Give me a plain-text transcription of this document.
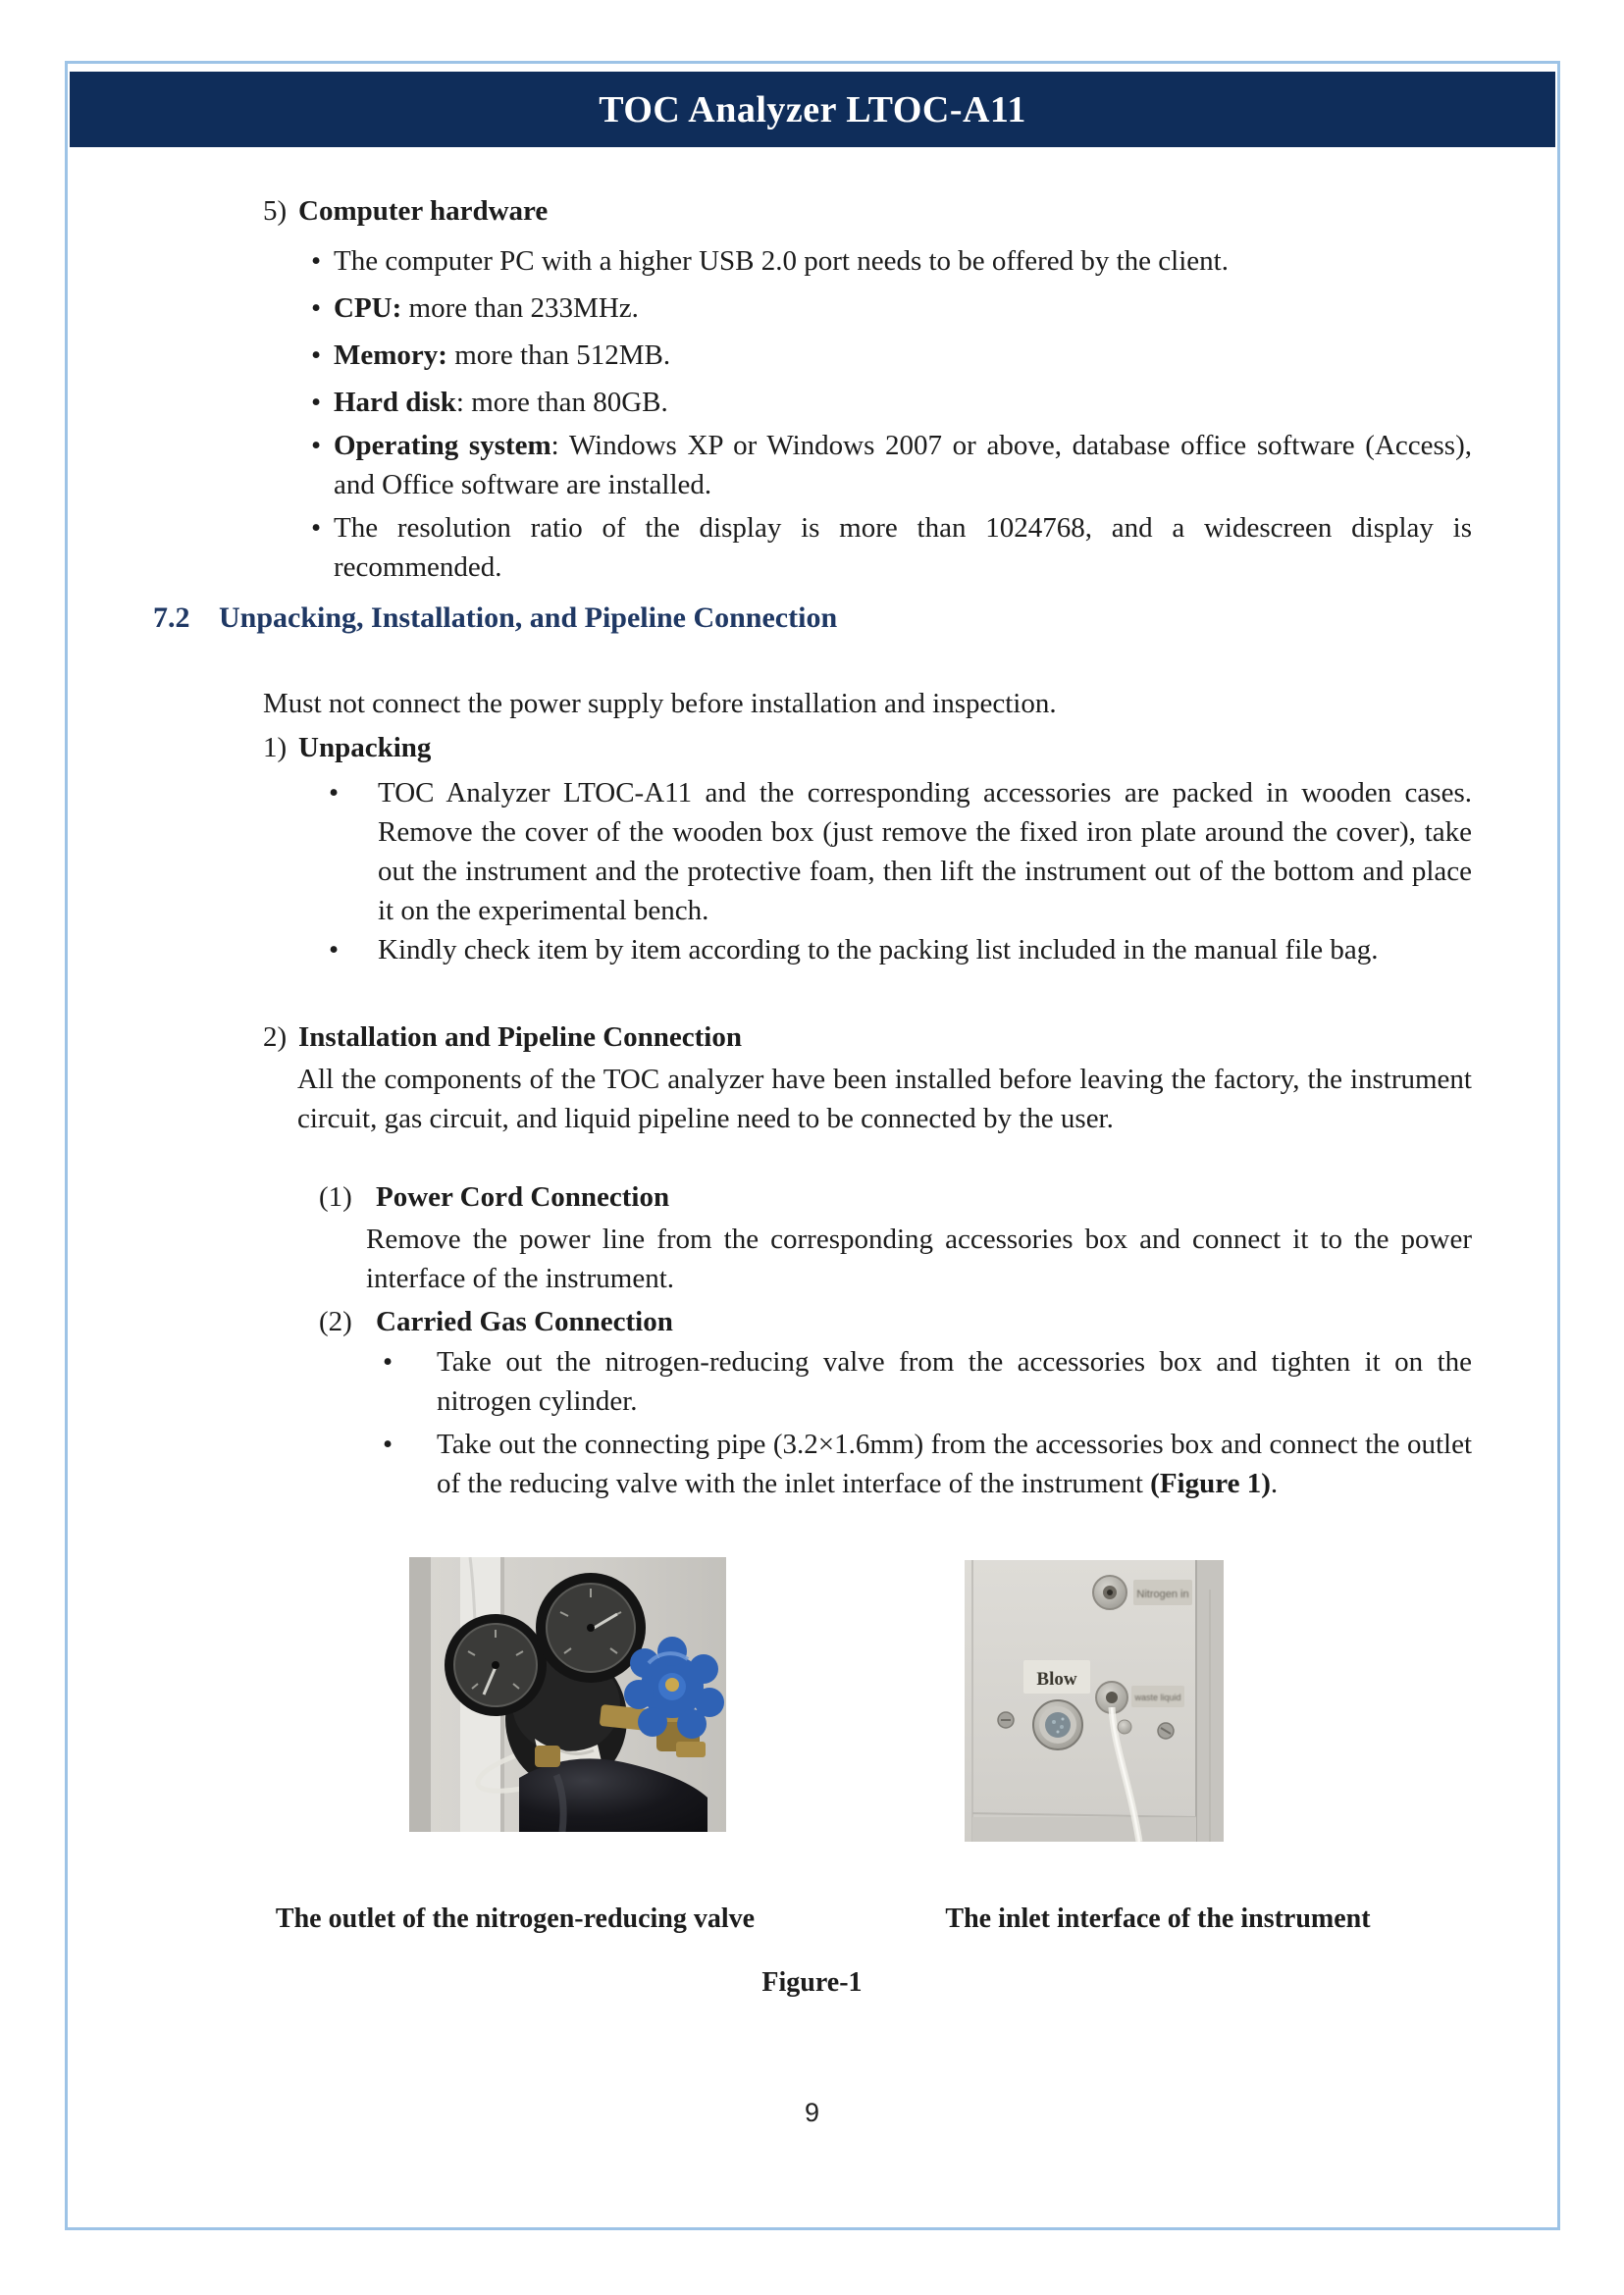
TOC Analyzer LTOC-A11
5) Computer hardware
• The computer PC with a higher USB 2.0 port needs to be offered by the client.
• CPU: more than 233MHz.
• Memory: more than 512MB.
• Hard disk: more than 80GB.
• Operating system: Windows XP or Windows 2007 or above, database office software (Access), and Office software are installed.
• The resolution ratio of the display is more than 1024768, and a widescreen display is recommended.
7.2 Unpacking, Installation, and Pipeline Connection
Must not connect the power supply before installation and inspection.
1) Unpacking
•	TOC Analyzer LTOC-A11 and the corresponding accessories are packed in wooden cases. Remove the cover of the wooden box (just remove the fixed iron plate around the cover), take out the instrument and the protective foam, then lift the instrument out of the bottom and place it on the experimental bench.
•	Kindly check item by item according to the packing list included in the manual file bag.
2) Installation and Pipeline Connection
All the components of the TOC analyzer have been installed before leaving the factory, the instrument circuit, gas circuit, and liquid pipeline need to be connected by the user.
(1) Power Cord Connection
Remove the power line from the corresponding accessories box and connect it to the power interface of the instrument.
(2) Carried Gas Connection
•	Take out the nitrogen-reducing valve from the accessories box and tighten it on the nitrogen cylinder.
•	Take out the connecting pipe (3.2×1.6mm) from the accessories box and connect the outlet of the reducing valve with the inlet interface of the instrument (Figure 1).
Nitrogen in
Blow
waste liquid
The outlet of the nitrogen-reducing valve	The inlet interface of the instrument
Figure-1
9
